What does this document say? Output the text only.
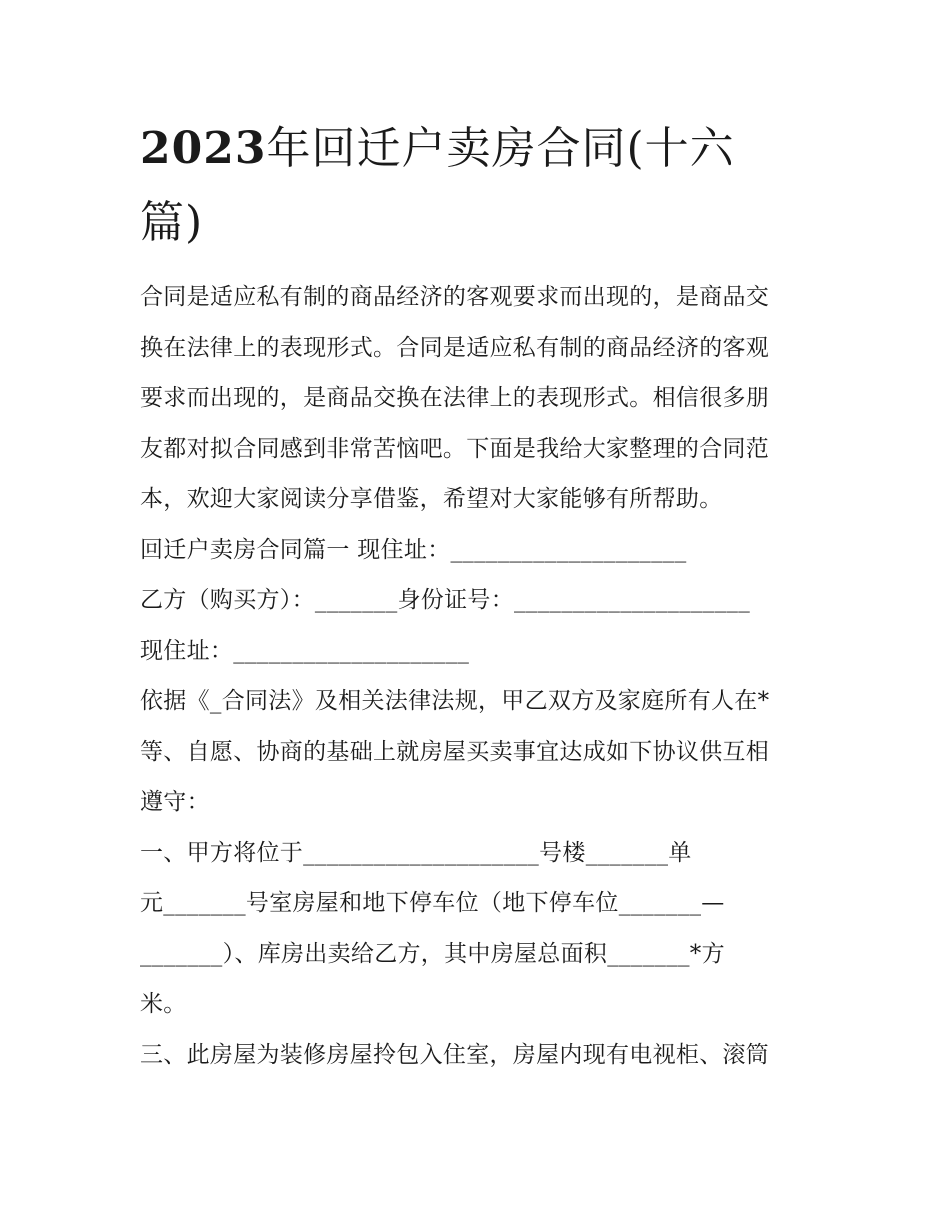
2023年回迁户卖房合同(十六
篇)
合同是适应私有制的商品经济的客观要求而出现的，是商品交
换在法律上的表现形式。合同是适应私有制的商品经济的客观
要求而出现的，是商品交换在法律上的表现形式。相信很多朋
友都对拟合同感到非常苦恼吧。下面是我给大家整理的合同范
本，欢迎大家阅读分享借鉴，希望对大家能够有所帮助。
回迁户卖房合同篇一 现住址：____________________
乙方（购买方）：_______身份证号：____________________
现住址：____________________
依据《_合同法》及相关法律法规，甲乙双方及家庭所有人在*
等、自愿、协商的基础上就房屋买卖事宜达成如下协议供互相
遵守：
一、甲方将位于____________________号楼_______单
元_______号室房屋和地下停车位（地下停车位_______—
_______）、库房出卖给乙方，其中房屋总面积_______*方
米。
三、此房屋为装修房屋拎包入住室，房屋内现有电视柜、滚筒
